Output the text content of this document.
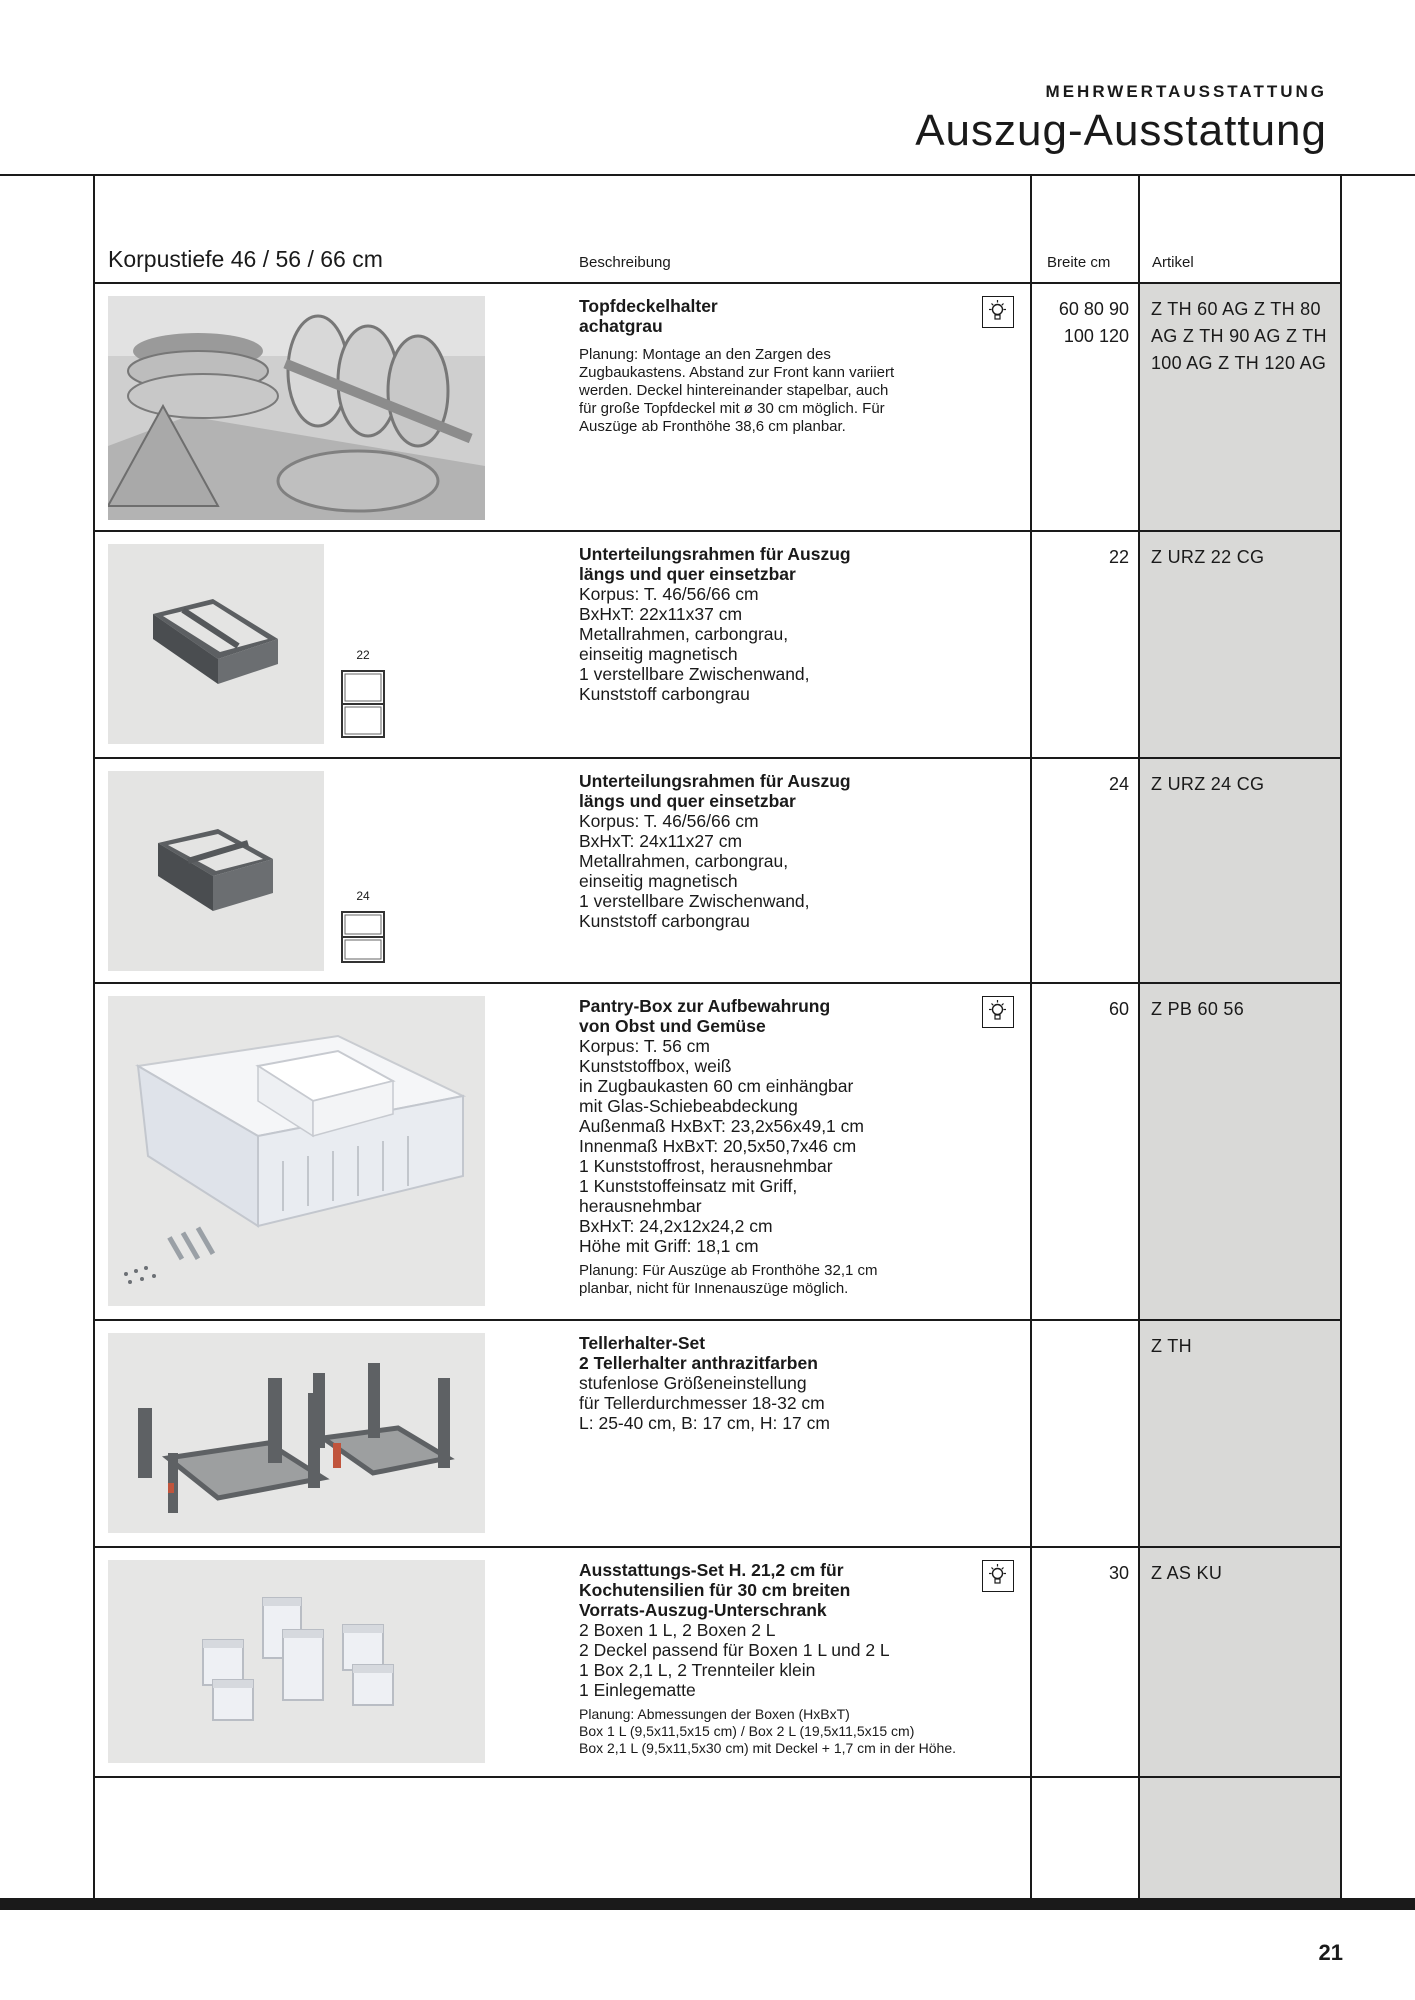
MEHRWERTAUSSTATTUNG
Auszug-Ausstattung
Korpustiefe 46 / 56 / 66 cm	Beschreibung	Breite cm	Artikel
Topfdeckelhalter
achatgrau
Planung: Montage an den Zargen des
Zugbaukastens. Abstand zur Front kann variiert
werden. Deckel hintereinander stapelbar, auch
für große Topfdeckel mit ø 30 cm möglich. Für
Auszüge ab Fronthöhe 38,6 cm planbar.
60 80 90 100 120
Z TH 60 AG Z TH 80 AG Z TH 90 AG Z TH 100 AG Z TH 120 AG
22
Unterteilungsrahmen für Auszug
längs und quer einsetzbar
Korpus: T. 46/56/66 cm
BxHxT: 22x11x37 cm
Metallrahmen, carbongrau,
einseitig magnetisch
1 verstellbare Zwischenwand,
Kunststoff carbongrau
22 Z URZ 22 CG
24
Unterteilungsrahmen für Auszug
längs und quer einsetzbar
Korpus: T. 46/56/66 cm
BxHxT: 24x11x27 cm
Metallrahmen, carbongrau,
einseitig magnetisch
1 verstellbare Zwischenwand,
Kunststoff carbongrau
24 Z URZ 24 CG
Pantry-Box zur Aufbewahrung
von Obst und Gemüse
Korpus: T. 56 cm
Kunststoffbox, weiß
in Zugbaukasten 60 cm einhängbar
mit Glas-Schiebeabdeckung
Außenmaß HxBxT: 23,2x56x49,1 cm
Innenmaß HxBxT: 20,5x50,7x46 cm
1 Kunststoffrost, herausnehmbar
1 Kunststoffeinsatz mit Griff,
herausnehmbar
BxHxT: 24,2x12x24,2 cm
Höhe mit Griff: 18,1 cm
Planung: Für Auszüge ab Fronthöhe 32,1 cm
planbar, nicht für Innenauszüge möglich.
60 Z PB 60 56
Tellerhalter-Set
2 Tellerhalter anthrazitfarben
stufenlose Größeneinstellung
für Tellerdurchmesser 18-32 cm
L: 25-40 cm, B: 17 cm, H: 17 cm
Z TH
Ausstattungs-Set H. 21,2 cm für
Kochutensilien für 30 cm breiten
Vorrats-Auszug-Unterschrank
2 Boxen 1 L, 2 Boxen 2 L
2 Deckel passend für Boxen 1 L und 2 L
1 Box 2,1 L, 2 Trennteiler klein
1 Einlegematte
Planung: Abmessungen der Boxen (HxBxT)
Box 1 L (9,5x11,5x15 cm) / Box 2 L (19,5x11,5x15 cm)
Box 2,1 L (9,5x11,5x30 cm) mit Deckel + 1,7 cm in der Höhe.
30 Z AS KU
21
